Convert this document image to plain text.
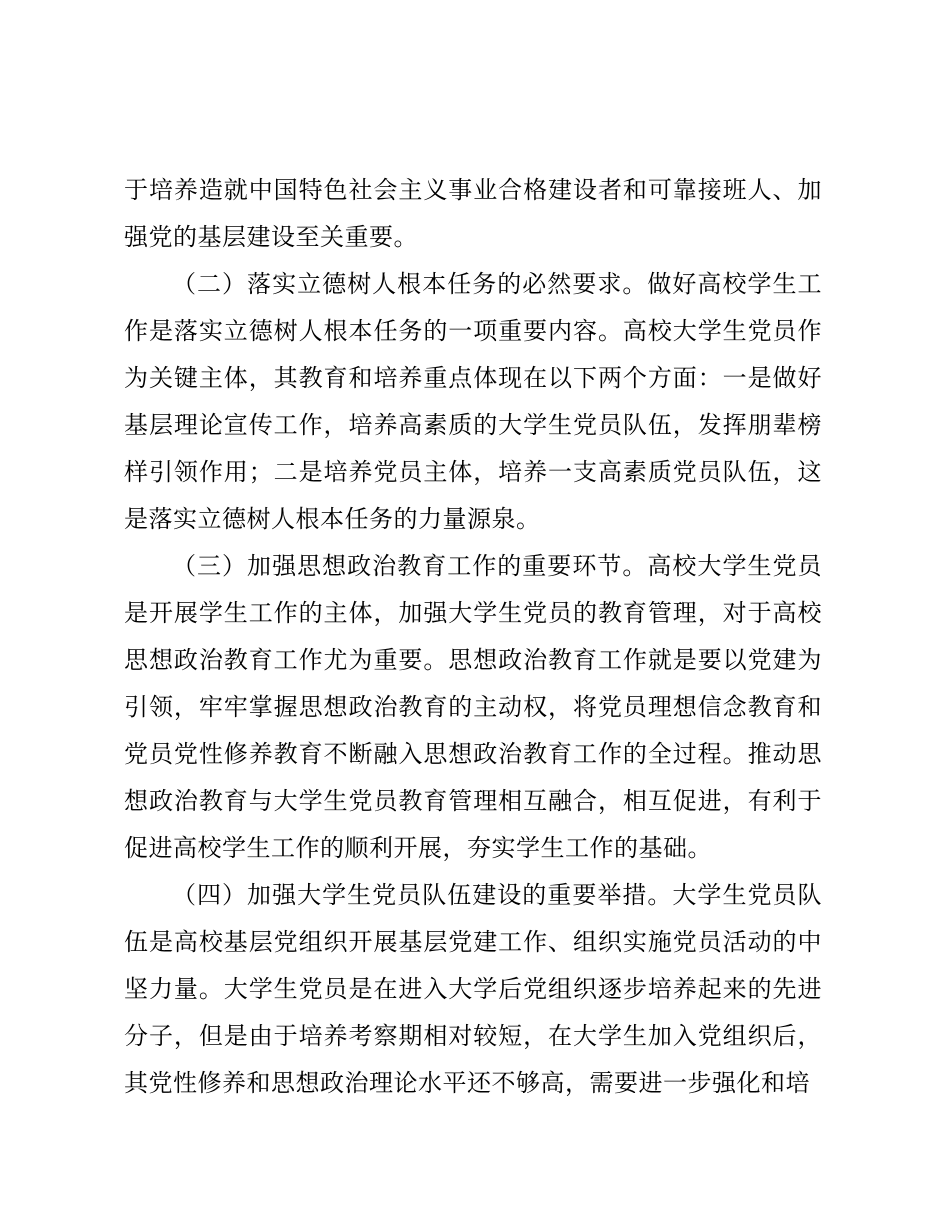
于培养造就中国特色社会主义事业合格建设者和可靠接班人、加强党的基层建设至关重要。

（二）落实立德树人根本任务的必然要求。做好高校学生工作是落实立德树人根本任务的一项重要内容。高校大学生党员作为关键主体，其教育和培养重点体现在以下两个方面：一是做好基层理论宣传工作，培养高素质的大学生党员队伍，发挥朋辈榜样引领作用；二是培养党员主体，培养一支高素质党员队伍，这是落实立德树人根本任务的力量源泉。

（三）加强思想政治教育工作的重要环节。高校大学生党员是开展学生工作的主体，加强大学生党员的教育管理，对于高校思想政治教育工作尤为重要。思想政治教育工作就是要以党建为引领，牢牢掌握思想政治教育的主动权，将党员理想信念教育和党员党性修养教育不断融入思想政治教育工作的全过程。推动思想政治教育与大学生党员教育管理相互融合，相互促进，有利于促进高校学生工作的顺利开展，夯实学生工作的基础。

（四）加强大学生党员队伍建设的重要举措。大学生党员队伍是高校基层党组织开展基层党建工作、组织实施党员活动的中坚力量。大学生党员是在进入大学后党组织逐步培养起来的先进分子，但是由于培养考察期相对较短，在大学生加入党组织后，其党性修养和思想政治理论水平还不够高，需要进一步强化和培
